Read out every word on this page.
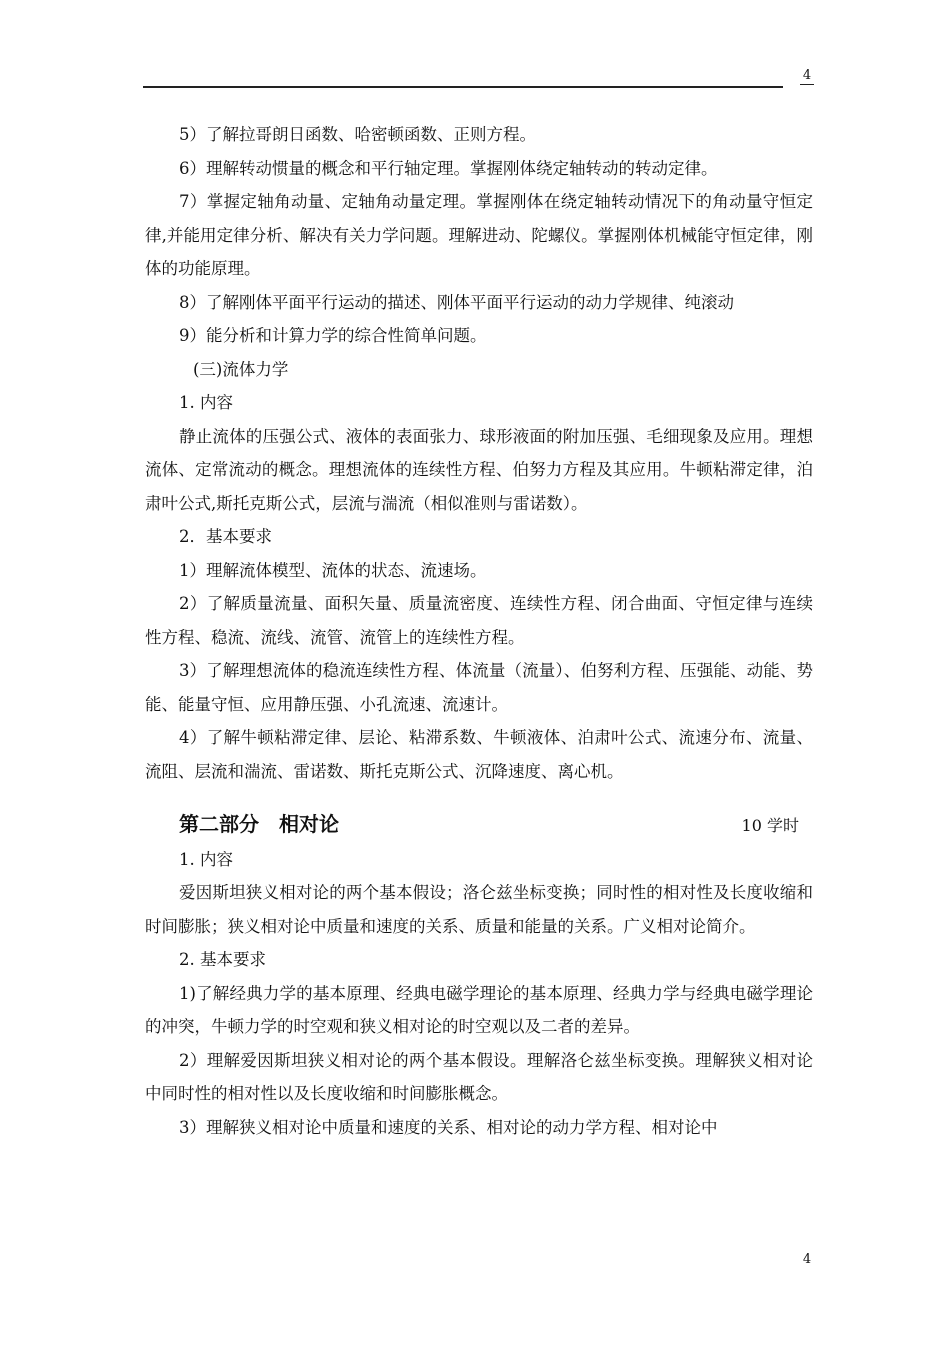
4

5）了解拉哥朗日函数、哈密顿函数、正则方程。

6）理解转动惯量的概念和平行轴定理。掌握刚体绕定轴转动的转动定律。

7）掌握定轴角动量、定轴角动量定理。掌握刚体在绕定轴转动情况下的角动量守恒定律,并能用定律分析、解决有关力学问题。理解进动、陀螺仪。掌握刚体机械能守恒定律，刚体的功能原理。

8）了解刚体平面平行运动的描述、刚体平面平行运动的动力学规律、纯滚动

9）能分析和计算力学的综合性简单问题。

(三)流体力学

1. 内容

静止流体的压强公式、液体的表面张力、球形液面的附加压强、毛细现象及应用。理想流体、定常流动的概念。理想流体的连续性方程、伯努力方程及其应用。牛顿粘滞定律，泊肃叶公式,斯托克斯公式，层流与湍流（相似准则与雷诺数）。

2．基本要求

1）理解流体模型、流体的状态、流速场。

2）了解质量流量、面积矢量、质量流密度、连续性方程、闭合曲面、守恒定律与连续性方程、稳流、流线、流管、流管上的连续性方程。

3）了解理想流体的稳流连续性方程、体流量（流量）、伯努利方程、压强能、动能、势能、能量守恒、应用静压强、小孔流速、流速计。

4）了解牛顿粘滞定律、层论、粘滞系数、牛顿液体、泊肃叶公式、流速分布、流量、流阻、层流和湍流、雷诺数、斯托克斯公式、沉降速度、离心机。

第二部分　相对论	10 学时

1. 内容

爱因斯坦狭义相对论的两个基本假设；洛仑兹坐标变换；同时性的相对性及长度收缩和时间膨胀；狭义相对论中质量和速度的关系、质量和能量的关系。广义相对论简介。

2. 基本要求

1)了解经典力学的基本原理、经典电磁学理论的基本原理、经典力学与经典电磁学理论的冲突，牛顿力学的时空观和狭义相对论的时空观以及二者的差异。

2）理解爱因斯坦狭义相对论的两个基本假设。理解洛仑兹坐标变换。理解狭义相对论中同时性的相对性以及长度收缩和时间膨胀概念。

3）理解狭义相对论中质量和速度的关系、相对论的动力学方程、相对论中

4
